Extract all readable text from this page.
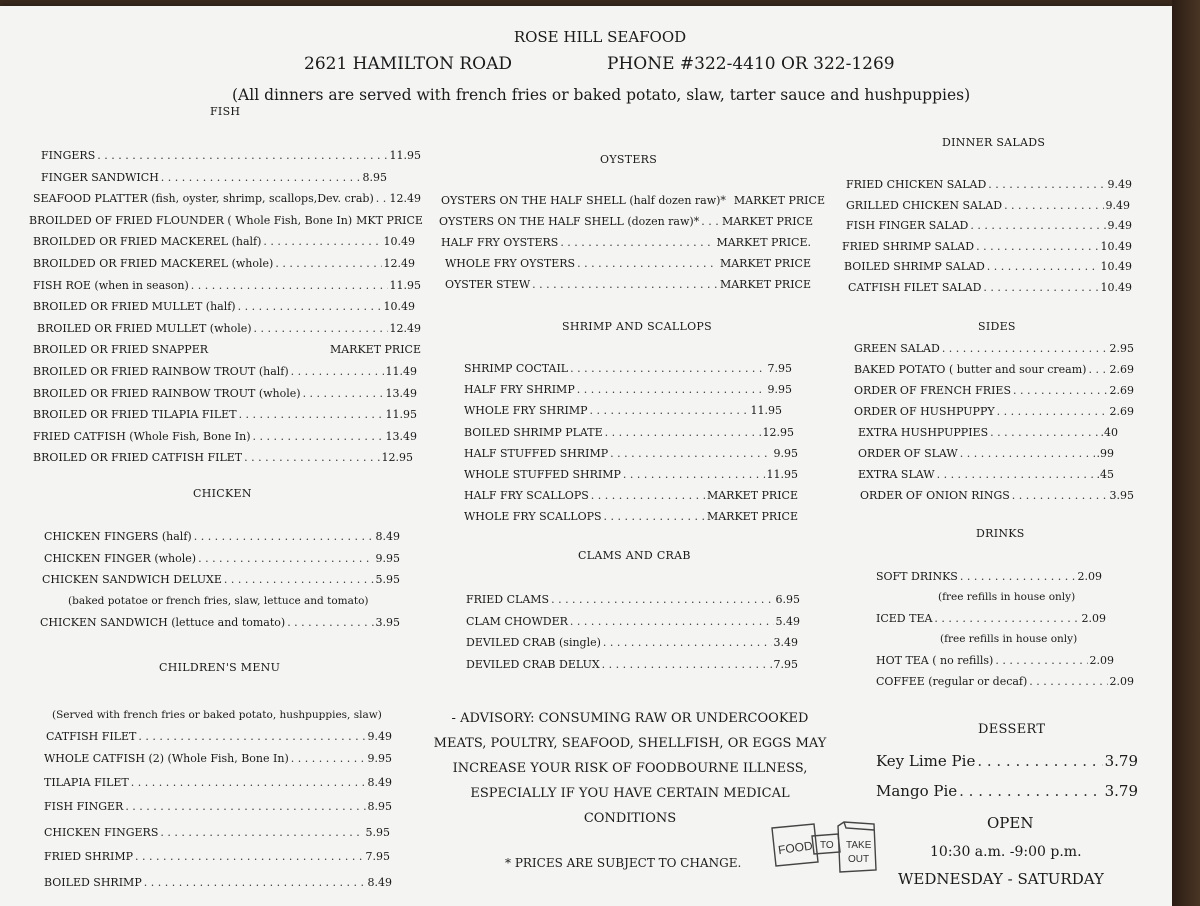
ROSE HILL SEAFOOD
2621 HAMILTON ROAD	PHONE #322-4410 OR 322-1269
(All dinners are served with french fries or baked potato, slaw, tarter sauce and hushpuppies)
FISH
FINGERS . . .	11.95
FINGER SANDWICH . . .	8.95
SEAFOOD PLATTER (fish, oyster, shrimp, scallops,Dev. crab) . . . 12.49
BROILDED OF FRIED FLOUNDER ( Whole Fish, Bone In) MKT PRICE
BROILDED OR FRIED MACKEREL (half) . . .	10.49
BROILDED OR FRIED MACKEREL (whole) . . .	12.49
FISH ROE (when in season) . . .	11.95
BROILED OR FRIED MULLET (half) . . .	10.49
BROILED OR FRIED MULLET (whole) . . .	12.49
BROILED OR FRIED SNAPPER	MARKET PRICE
BROILED OR FRIED RAINBOW TROUT (half) . . .	11.49
BROILED OR FRIED RAINBOW TROUT (whole) . . .	13.49
BROILED OR FRIED TILAPIA FILET . . .	11.95
FRIED CATFISH (Whole Fish, Bone In) . . .	13.49
BROILED OR FRIED CATFISH FILET . . .	12.95
CHICKEN
CHICKEN FINGERS (half) . . .	8.49
CHICKEN FINGER (whole) . . .	9.95
CHICKEN SANDWICH DELUXE . . .	5.95
(baked potatoe or french fries, slaw, lettuce and tomato)
CHICKEN SANDWICH (lettuce and tomato) . . .	3.95
CHILDREN'S MENU
(Served with french fries or baked potato, hushpuppies, slaw)
CATFISH FILET . . .	9.49
WHOLE CATFISH (2) (Whole Fish, Bone In) . . .	9.95
TILAPIA FILET . . .	8.49
FISH FINGER . . .	8.95
CHICKEN FINGERS . . .	5.95
FRIED SHRIMP . . .	7.95
BOILED SHRIMP . . .	8.49
OYSTERS
OYSTERS ON THE HALF SHELL (half dozen raw)* MARKET PRICE
OYSTERS ON THE HALF SHELL (dozen raw)* . . . MARKET PRICE
HALF FRY OYSTERS . . .	MARKET PRICE.
WHOLE FRY OYSTERS . . .	MARKET PRICE
OYSTER STEW . . .	MARKET PRICE
SHRIMP AND SCALLOPS
SHRIMP COCTAIL . . .	7.95
HALF FRY SHRIMP . . .	9.95
WHOLE FRY SHRIMP . . .	11.95
BOILED SHRIMP PLATE . . .	12.95
HALF STUFFED SHRIMP . . .	9.95
WHOLE STUFFED SHRIMP . . .	11.95
HALF FRY SCALLOPS . . .	MARKET PRICE
WHOLE FRY SCALLOPS . . .	MARKET PRICE
CLAMS AND CRAB
FRIED CLAMS . . .	6.95
CLAM CHOWDER . . .	5.49
DEVILED CRAB (single) . . .	3.49
DEVILED CRAB DELUX . . .	7.95
- ADVISORY: CONSUMING RAW OR UNDERCOOKED
MEATS, POULTRY, SEAFOOD, SHELLFISH, OR EGGS MAY
INCREASE YOUR RISK OF FOODBOURNE ILLNESS,
ESPECIALLY IF YOU HAVE CERTAIN MEDICAL
CONDITIONS
* PRICES ARE SUBJECT TO CHANGE.
FOOD TO TAKE
OUT
DINNER SALADS
FRIED CHICKEN SALAD . . .	9.49
GRILLED CHICKEN SALAD . . .	9.49
FISH FINGER SALAD . . .	9.49
FRIED SHRIMP SALAD . . .	10.49
BOILED SHRIMP SALAD . . .	10.49
CATFISH FILET SALAD . . .	10.49
SIDES
GREEN SALAD . . .	2.95
BAKED POTATO ( butter and sour cream) . . . 2.69
ORDER OF FRENCH FRIES . . .	2.69
ORDER OF HUSHPUPPY . . .	2.69
EXTRA HUSHPUPPIES . . .	.40
ORDER OF SLAW . . .	.99
EXTRA SLAW . . .	.45
ORDER OF ONION RINGS . . .	3.95
DRINKS
SOFT DRINKS . . .	2.09
(free refills in house only)
ICED TEA . . .	2.09
(free refills in house only)
HOT TEA ( no refills) . . .	2.09
COFFEE (regular or decaf) . . .	2.09
DESSERT
Key Lime Pie . . .	3.79
Mango Pie . . .	3.79
OPEN
10:30 a.m. -9:00 p.m.
WEDNESDAY - SATURDAY
